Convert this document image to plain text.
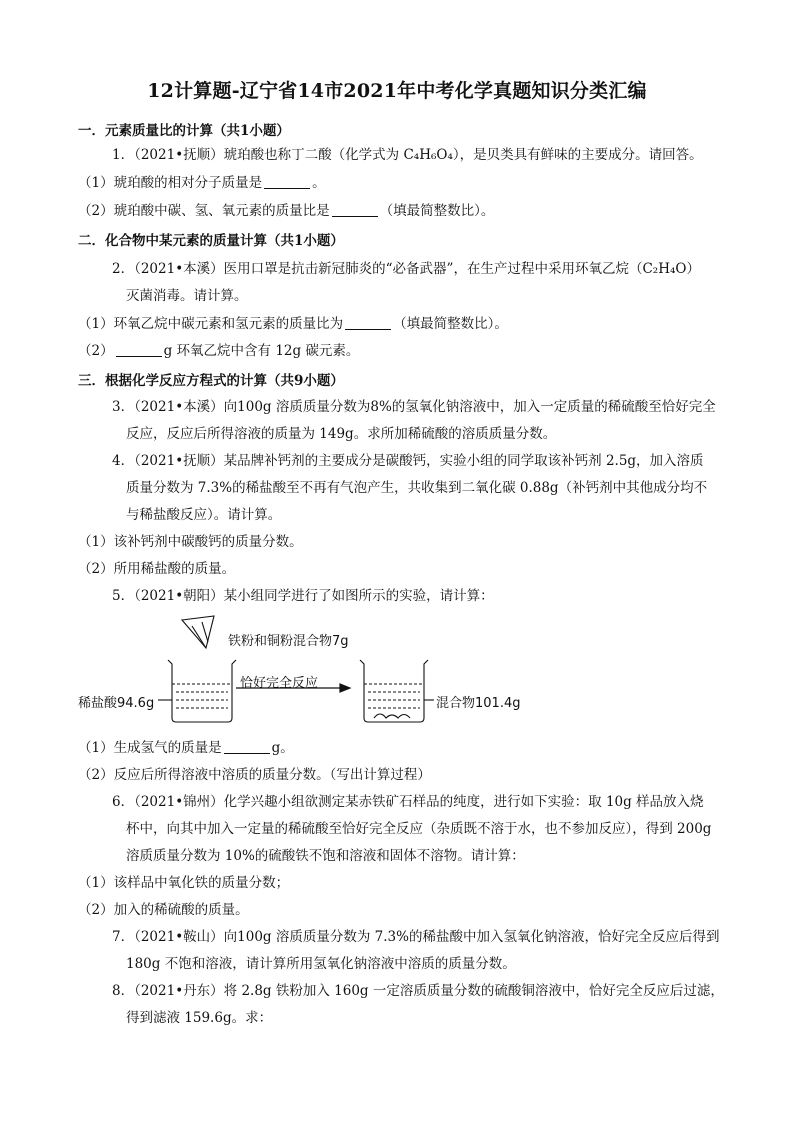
12计算题-辽宁省14市2021年中考化学真题知识分类汇编
一．元素质量比的计算（共1小题）
1．（2021•抚顺）琥珀酸也称丁二酸（化学式为 C₄H₆O₄），是贝类具有鲜味的主要成分。请回答。
（1）琥珀酸的相对分子质量是	。
（2）琥珀酸中碳、氢、氧元素的质量比是	（填最简整数比）。
二．化合物中某元素的质量计算（共1小题）
2．（2021•本溪）医用口罩是抗击新冠肺炎的“必备武器”，在生产过程中采用环氧乙烷（C₂H₄O）
灭菌消毒。请计算。
（1）环氧乙烷中碳元素和氢元素的质量比为	（填最简整数比）。
（2）	g 环氧乙烷中含有 12g 碳元素。
三．根据化学反应方程式的计算（共9小题）
3．（2021•本溪）向100g 溶质质量分数为8%的氢氧化钠溶液中，加入一定质量的稀硫酸至恰好完全
反应，反应后所得溶液的质量为 149g。求所加稀硫酸的溶质质量分数。
4．（2021•抚顺）某品牌补钙剂的主要成分是碳酸钙，实验小组的同学取该补钙剂 2.5g，加入溶质
质量分数为 7.3%的稀盐酸至不再有气泡产生，共收集到二氧化碳 0.88g（补钙剂中其他成分均不
与稀盐酸反应）。请计算。
（1）该补钙剂中碳酸钙的质量分数。
（2）所用稀盐酸的质量。
5．（2021•朝阳）某小组同学进行了如图所示的实验，请计算：
铁粉和铜粉混合物7g
稀盐酸94.6g
恰好完全反应
混合物101.4g
（1）生成氢气的质量是	g。
（2）反应后所得溶液中溶质的质量分数。（写出计算过程）
6．（2021•锦州）化学兴趣小组欲测定某赤铁矿石样品的纯度，进行如下实验：取 10g 样品放入烧
杯中，向其中加入一定量的稀硫酸至恰好完全反应（杂质既不溶于水，也不参加反应），得到 200g
溶质质量分数为 10%的硫酸铁不饱和溶液和固体不溶物。请计算：
（1）该样品中氧化铁的质量分数；
（2）加入的稀硫酸的质量。
7．（2021•鞍山）向100g 溶质质量分数为 7.3%的稀盐酸中加入氢氧化钠溶液，恰好完全反应后得到
180g 不饱和溶液，请计算所用氢氧化钠溶液中溶质的质量分数。
8．（2021•丹东）将 2.8g 铁粉加入 160g 一定溶质质量分数的硫酸铜溶液中，恰好完全反应后过滤，
得到滤液 159.6g。求：
